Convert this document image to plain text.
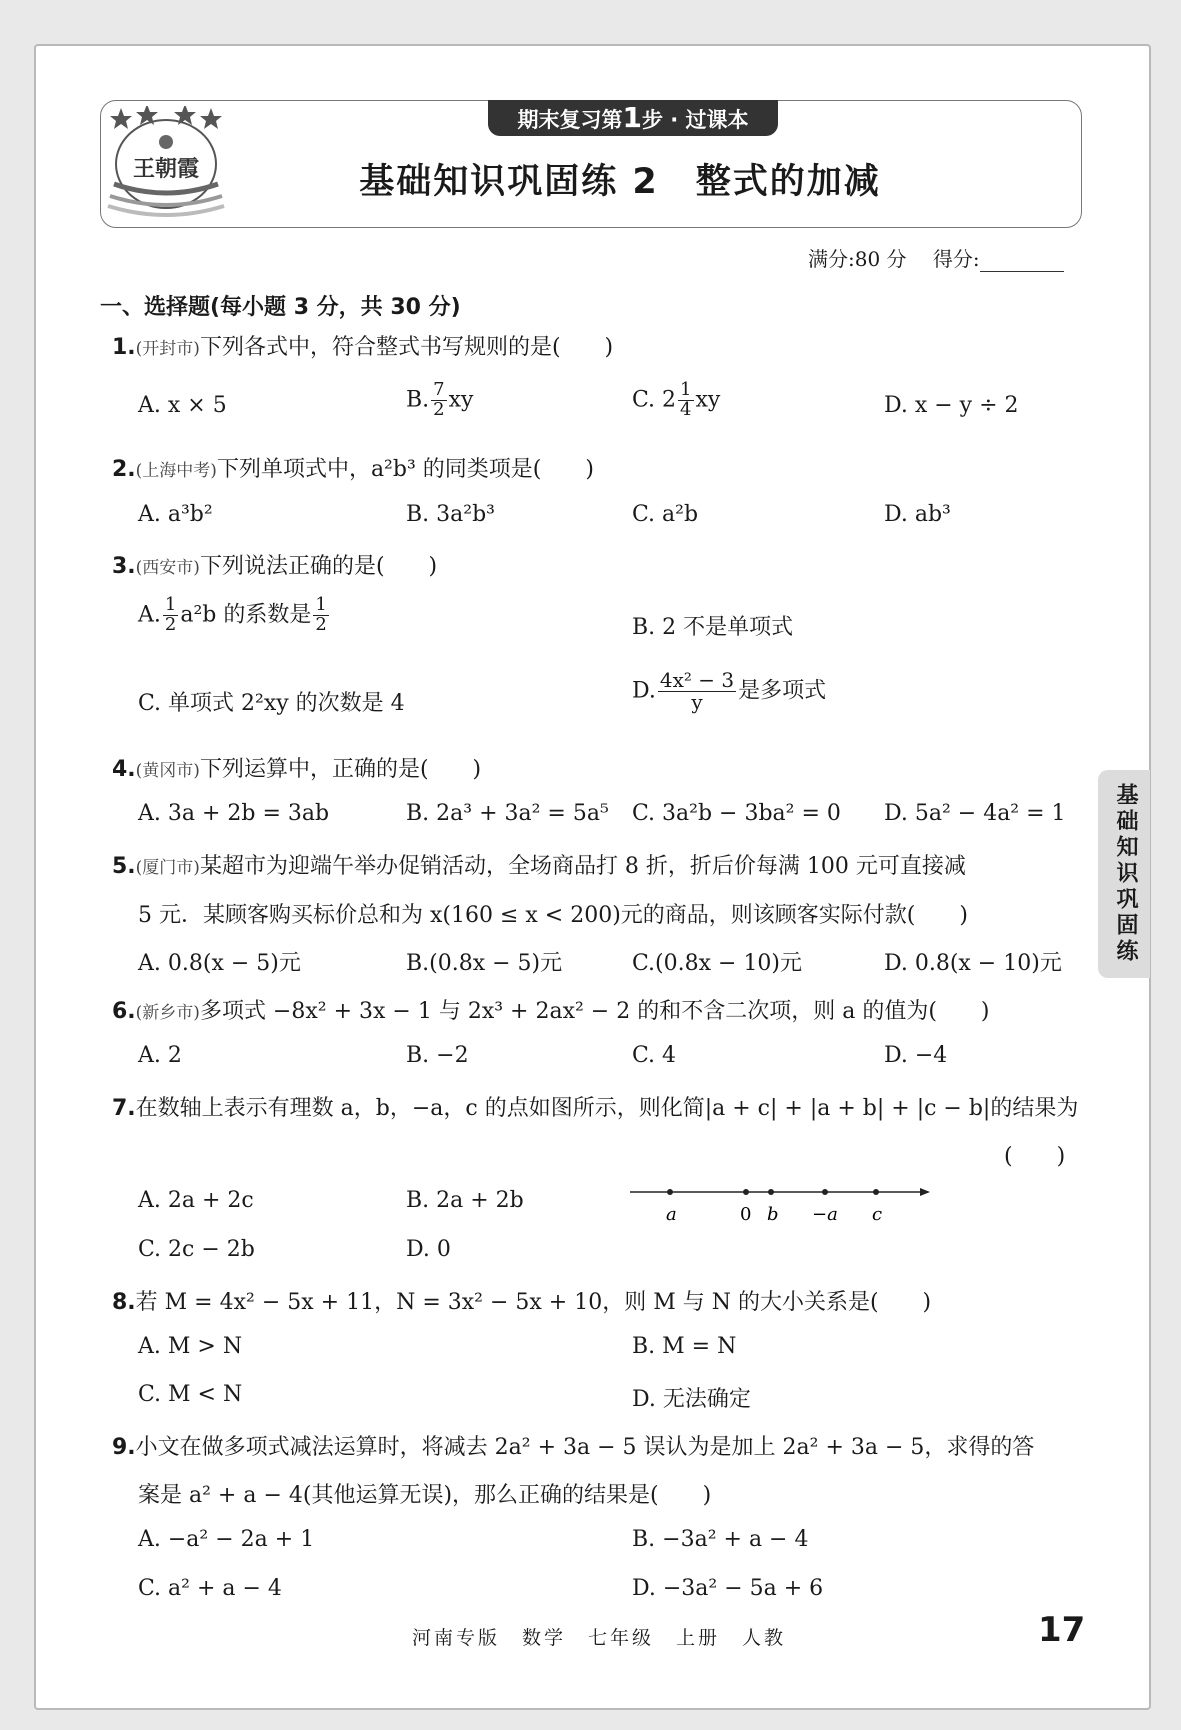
王朝霞
期末复习第1步 · 过课本
基础知识巩固练 2　整式的加减
满分:80 分　 得分:
一、选择题(每小题 3 分，共 30 分)
1.(开封市)下列各式中，符合整式书写规则的是(　　)
A. x × 5	B. $\frac{7}{2}$ xy	C. $2 \frac{1}{4}$ xy	D. x − y ÷ 2
2.(上海中考)下列单项式中，a²b³ 的同类项是(　　)
A. a³b²	B. 3a²b³	C. a²b	D. ab³
3.(西安市)下列说法正确的是(　　)
A. $\frac{1}{2} a^2b$ 的系数是 $\frac{1}{2}$	B. 2 不是单项式
C. 单项式 2²xy 的次数是 4	D. $\frac{\text{4x² − 3}}{y}$ 是多项式
4.(黄冈市)下列运算中，正确的是(　　)
A. 3a + 2b = 3ab	B. 2a³ + 3a² = 5a⁵ C. 3a²b − 3ba² = 0 D. 5a² − 4a² = 1
5.(厦门市)某超市为迎端午举办促销活动，全场商品打 8 折，折后价每满 100 元可直接减
5 元．某顾客购买标价总和为 x(160 ≤ x < 200)元的商品，则该顾客实际付款(　　)
A. 0.8(x − 5)元	B.(0.8x − 5)元	C.(0.8x − 10)元	D. 0.8(x − 10)元
6.(新乡市)多项式 −8x² + 3x − 1 与 2x³ + 2ax² − 2 的和不含二次项，则 a 的值为(　　)
A. 2	B. −2	C. 4	D. −4
7.在数轴上表示有理数 a，b，−a，c 的点如图所示，则化简|a + c| + |a + b| + |c − b|的结果为
(　　)
A. 2a + 2c	B. 2a + 2b
C. 2c − 2b	D. 0
a	0 b −a c
8.若 M = 4x² − 5x + 11，N = 3x² − 5x + 10，则 M 与 N 的大小关系是(　　)
A. M > N	B. M = N
C. M < N	D. 无法确定
9.小文在做多项式减法运算时，将减去 2a² + 3a − 5 误认为是加上 2a² + 3a − 5，求得的答
案是 a² + a − 4(其他运算无误)，那么正确的结果是(　　)
A. −a² − 2a + 1	B. −3a² + a − 4
C. a² + a − 4	D. −3a² − 5a + 6
基础知识巩固练
河南专版　数学　七年级　上册　人教	17
